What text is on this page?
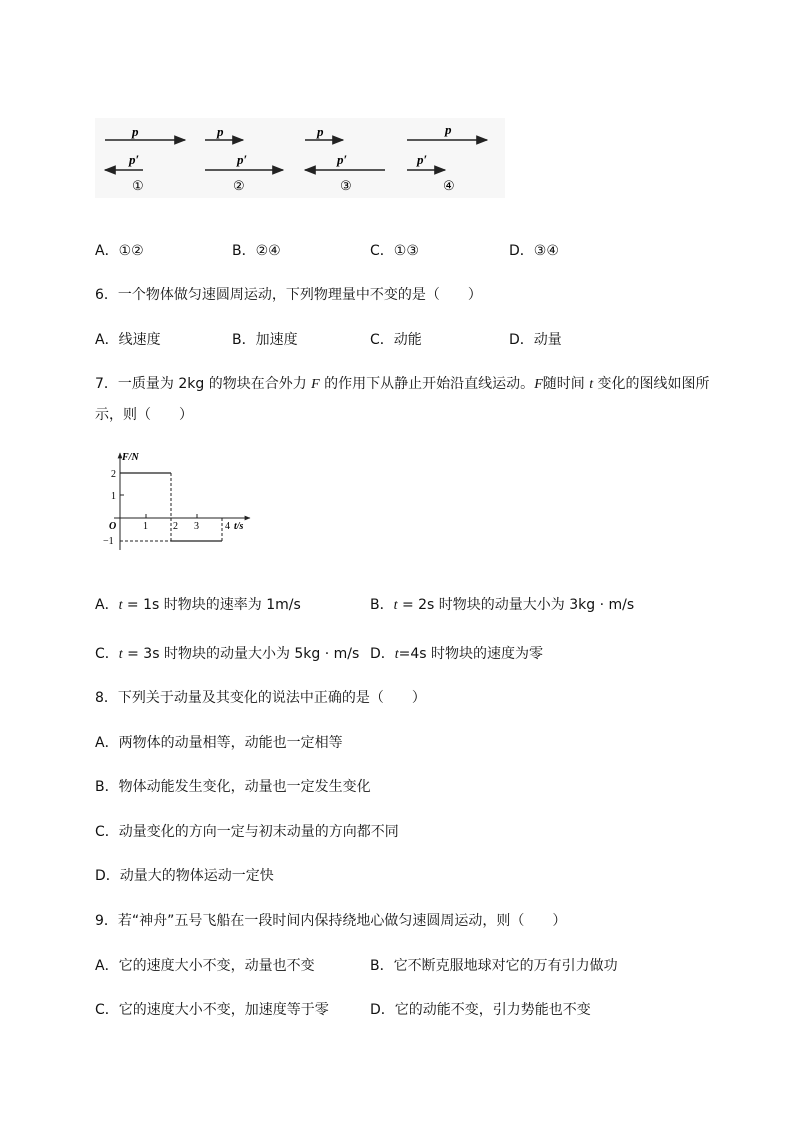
p
p′
①
p
p′
②
p
p′
③
p
p′
④
A．①②	B．②④	C．①③	D．③④
6．一个物体做匀速圆周运动，下列物理量中不变的是（　　）
A．线速度	B．加速度	C．动能	D．动量
7．一质量为 2kg 的物块在合外力 F 的作用下从静止开始沿直线运动。F随时间 t 变化的图线如图所
示，则（　　）
F/N
t/s
O
2
1
−1
1	2 3	4
A．t = 1s 时物块的速率为 1m/s	B．t = 2s 时物块的动量大小为 3kg · m/s
C．t = 3s 时物块的动量大小为 5kg · m/s D．t=4s 时物块的速度为零
8．下列关于动量及其变化的说法中正确的是（　　）
A．两物体的动量相等，动能也一定相等
B．物体动能发生变化，动量也一定发生变化
C．动量变化的方向一定与初末动量的方向都不同
D．动量大的物体运动一定快
9．若“神舟”五号飞船在一段时间内保持绕地心做匀速圆周运动，则（　　）
A．它的速度大小不变，动量也不变	B．它不断克服地球对它的万有引力做功
C．它的速度大小不变，加速度等于零	D．它的动能不变，引力势能也不变
